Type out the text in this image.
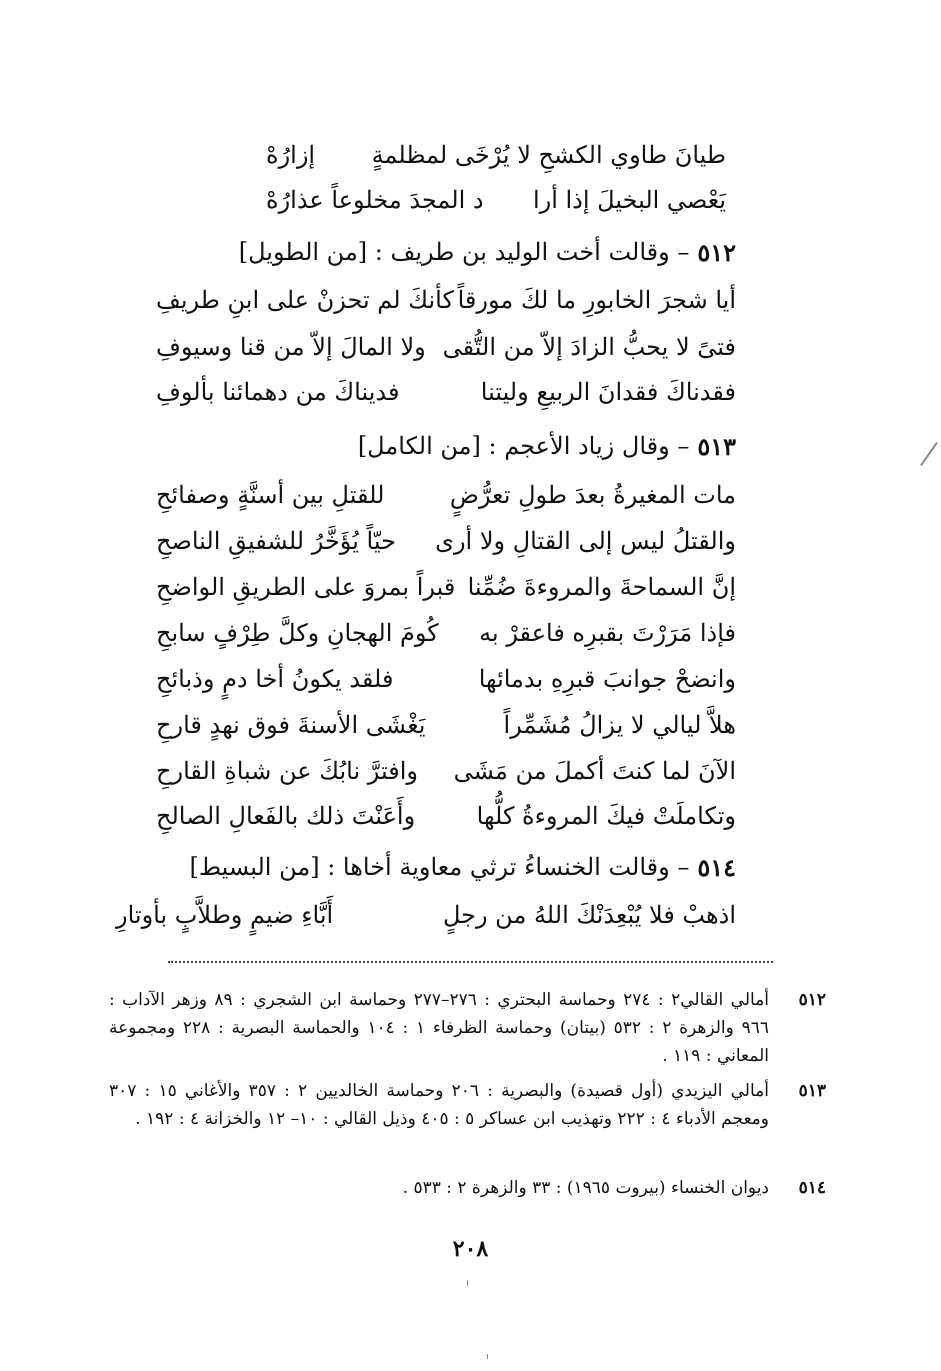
طيانَ طاوي الكشحِ لا يُرْخَى لمظلمةٍ
إزارُهْ
يَعْصي البخيلَ إذا أرا
د المجدَ مخلوعاً عذارُهْ
٥١٢
– وقالت أخت الوليد بن طريف : [من الطويل]
أيا شجرَ الخابورِ ما لكَ مورقاً
كأنكَ لم تحزنْ على ابنِ طريفِ
فتىً لا يحبُّ الزادَ إلاّ من التُّقى
ولا المالَ إلاّ من قنا وسيوفِ
فقدناكَ فقدانَ الربيعِ وليتنا
فديناكَ من دهمائنا بألوفِ
٥١٣
– وقال زياد الأعجم : [من الكامل]
مات المغيرةُ بعدَ طولِ تعرُّضٍ
للقتلِ بين أسنَّةٍ وصفائحِ
والقتلُ ليس إلى القتالِ ولا أرى
حيّاً يُؤَخَّرُ للشفيقِ الناصحِ
إنَّ السماحةَ والمروءةَ ضُمِّنا
قبراً بمروَ على الطريقِ الواضحِ
فإذا مَرَرْتَ بقبرِه فاعقرْ به
كُومَ الهجانِ وكلَّ طِرْفٍ سابحِ
وانضحْ جوانبَ قبرِهِ بدمائها
فلقد يكونُ أخا دمٍ وذبائحِ
هلاَّ ليالي لا يزالُ مُشَمِّراً
يَغْشَى الأسنةَ فوق نهدٍ قارحِ
الآنَ لما كنتَ أكملَ من مَشَى
وافترَّ نابُكَ عن شباةِ القارحِ
وتكاملَتْ فيكَ المروءةُ كلُّها
وأَعَنْتَ ذلك بالفَعالِ الصالحِ
٥١٤
– وقالت الخنساءُ ترثي معاوية أخاها : [من البسيط]
اذهبْ فلا يُبْعِدَنْكَ اللهُ من رجلٍ
أَبَّاءِ ضيمٍ وطلاَّبٍ بأوتارِ
٥١٢
أمالي القالي٢ : ٢٧٤ وحماسة البحتري : ٢٧٦–٢٧٧ وحماسة ابن الشجري : ٨٩ وزهر الآداب : ٩٦٦ والزهرة ٢ : ٥٣٢ (بيتان) وحماسة الظرفاء ١ : ١٠٤ والحماسة البصرية : ٢٢٨ ومجموعة المعاني : ١١٩ .
٥١٣
أمالي اليزيدي (أول قصيدة) والبصرية : ٢٠٦ وحماسة الخالديين ٢ : ٣٥٧ والأغاني ١٥ : ٣٠٧ ومعجم الأدباء ٤ : ٢٢٢ وتهذيب ابن عساكر ٥ : ٤٠٥ وذيل القالي : ١٠– ١٢ والخزانة ٤ : ١٩٢ .
٥١٤
ديوان الخنساء (بيروت ١٩٦٥) : ٣٣ والزهرة ٢ : ٥٣٣ .
٢٠٨
